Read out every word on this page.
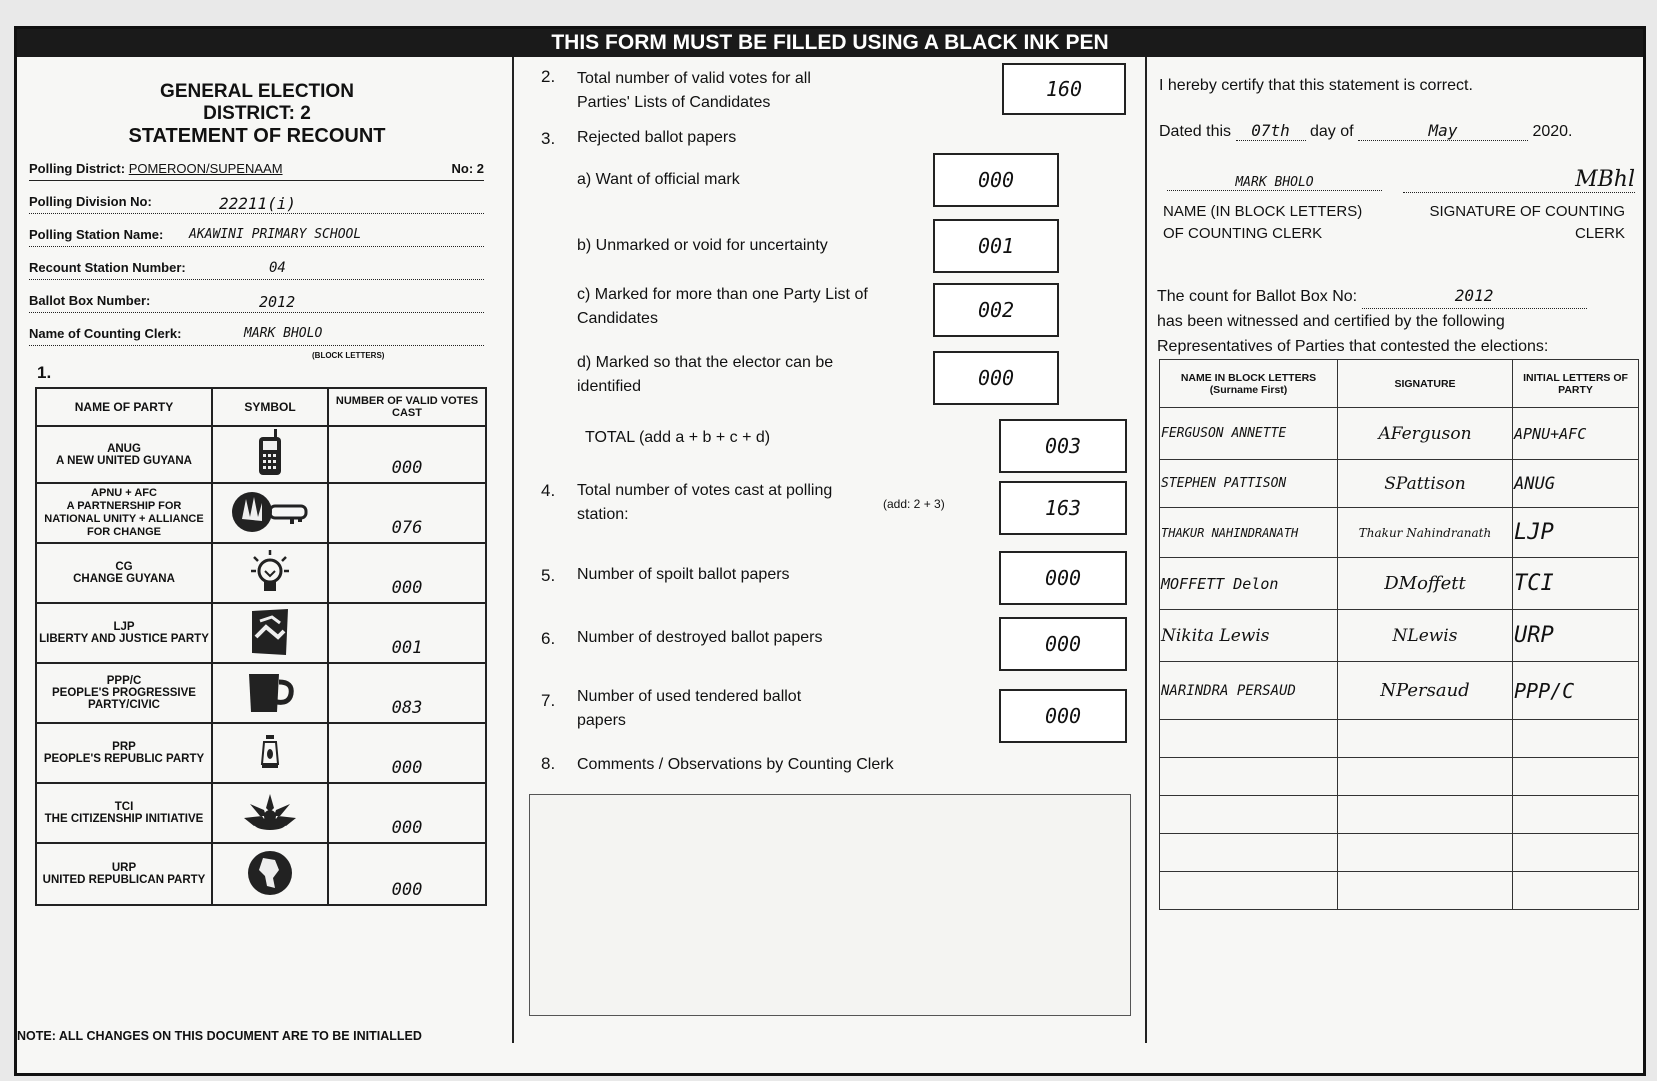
THIS FORM MUST BE FILLED USING A BLACK INK PEN
GENERAL ELECTION
DISTRICT: 2
STATEMENT OF RECOUNT
Polling District: POMEROON/SUPENAAM	No: 2
Polling Division No:	22211(i)
Polling Station Name: AKAWINI PRIMARY SCHOOL
Recount Station Number:	04
Ballot Box Number:	2012
Name of Counting Clerk:	MARK BHOLO
(BLOCK LETTERS)
1.
NAME OF PARTY	SYMBOL	NUMBER OF VALID VOTES CAST

ANUG
A NEW UNITED GUYANA		000

APNU + AFC
A PARTNERSHIP FOR NATIONAL UNITY + ALLIANCE FOR CHANGE		076

CG
CHANGE GUYANA		000

LJP
LIBERTY AND JUSTICE PARTY		001

PPP/C
PEOPLE'S PROGRESSIVE PARTY/CIVIC		083

PRP
PEOPLE'S REPUBLIC PARTY		000

TCI
THE CITIZENSHIP INITIATIVE		000

URP
UNITED REPUBLICAN PARTY		000
NOTE: ALL CHANGES ON THIS DOCUMENT ARE TO BE INITIALLED
2. Total number of valid votes for all Parties' Lists of Candidates
160
3. Rejected ballot papers
a) Want of official mark	000
b) Unmarked or void for uncertainty	001
c) Marked for more than one Party List of Candidates	002
d) Marked so that the elector can be identified	000
TOTAL (add a + b + c + d)	003
4. Total number of votes cast at polling station:
(add: 2 + 3)	163
5. Number of spoilt ballot papers	000
6. Number of destroyed ballot papers	000
7. Number of used tendered ballot papers	000
8. Comments / Observations by Counting Clerk
I hereby certify that this statement is correct.
Dated this 07th day of	May	2020.
MARK BHOLO	MBhl
NAME (IN BLOCK LETTERS)
OF COUNTING CLERK
SIGNATURE OF COUNTING
CLERK
The count for Ballot Box No:	2012
has been witnessed and certified by the following
Representatives of Parties that contested the elections:
NAME IN BLOCK LETTERS (Surname First)	SIGNATURE	INITIAL LETTERS OF PARTY
FERGUSON ANNETTE	AFerguson	APNU+AFC
STEPHEN PATTISON	SPattison	ANUG
THAKUR NAHINDRANATH	Thakur Nahindranath	LJP
MOFFETT Delon	DMoffett	TCI
Nikita Lewis	NLewis	URP
NARINDRA PERSAUD	NPersaud	PPP/C
